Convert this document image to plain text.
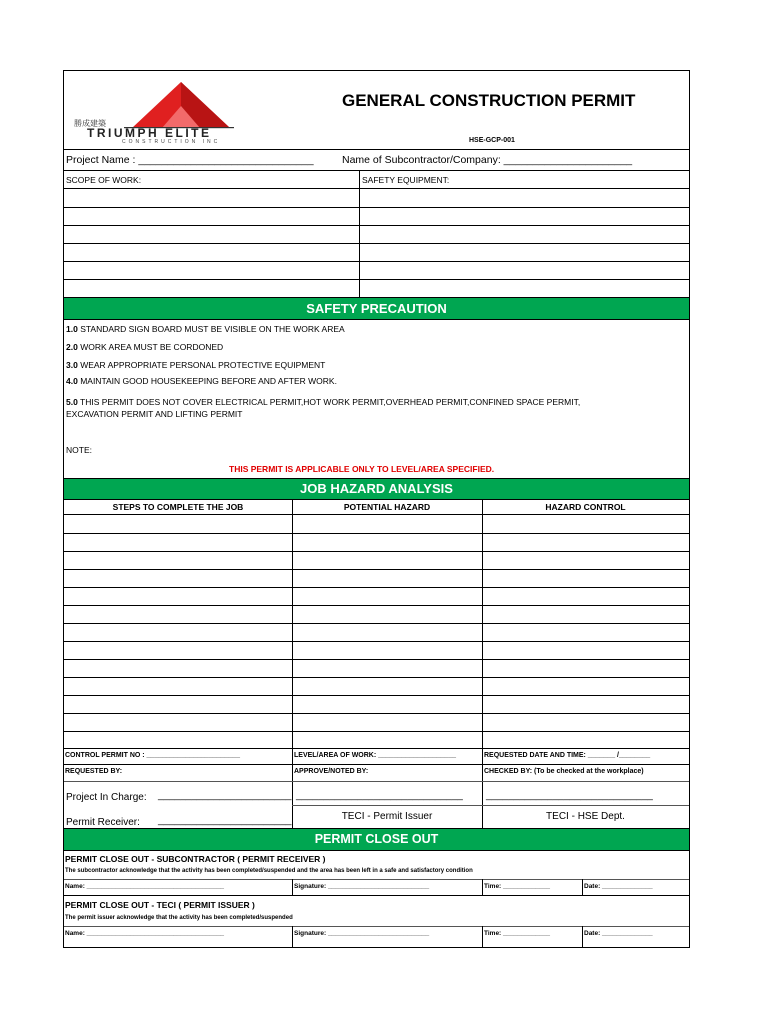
勝成建築
TRIUMPH ELITE
CONSTRUCTION INC
GENERAL CONSTRUCTION PERMIT
HSE-GCP-001
Project Name : ______________________________	Name of Subcontractor/Company: ______________________
SCOPE OF WORK:	SAFETY EQUIPMENT:
SAFETY PRECAUTION
1.0 STANDARD SIGN BOARD MUST BE VISIBLE ON THE WORK AREA
2.0 WORK AREA MUST BE CORDONED
3.0 WEAR APPROPRIATE PERSONAL PROTECTIVE EQUIPMENT
4.0 MAINTAIN GOOD HOUSEKEEPING BEFORE AND AFTER WORK.
5.0 THIS PERMIT DOES NOT COVER ELECTRICAL PERMIT,HOT WORK PERMIT,OVERHEAD PERMIT,CONFINED SPACE PERMIT,
EXCAVATION PERMIT AND LIFTING PERMIT
NOTE:
THIS PERMIT IS APPLICABLE ONLY TO LEVEL/AREA SPECIFIED.
JOB HAZARD ANALYSIS
STEPS TO COMPLETE THE JOB	POTENTIAL HAZARD	HAZARD CONTROL
CONTROL PERMIT NO : ________________________	LEVEL/AREA OF WORK: ____________________	REQUESTED DATE AND TIME: _______ /________
REQUESTED BY:	APPROVE/NOTED BY:	CHECKED BY: (To be checked at the workplace)
Project In Charge: ________________________ ______________________________ ______________________________
Permit Receiver: ________________________	TECI - Permit Issuer	TECI - HSE Dept.
PERMIT CLOSE OUT
PERMIT CLOSE OUT - SUBCONTRACTOR ( PERMIT RECEIVER )
The subcontractor acknowledge that the activity has been completed/suspended and the area has been left in a safe and satisfactory condition
Name: ______________________________________	Signature: ____________________________	Time: _____________	Date: ______________
PERMIT CLOSE OUT - TECI ( PERMIT ISSUER )
The permit issuer acknowledge that the activity has been completed/suspended
Name: ______________________________________	Signature: ____________________________	Time: _____________	Date: ______________
